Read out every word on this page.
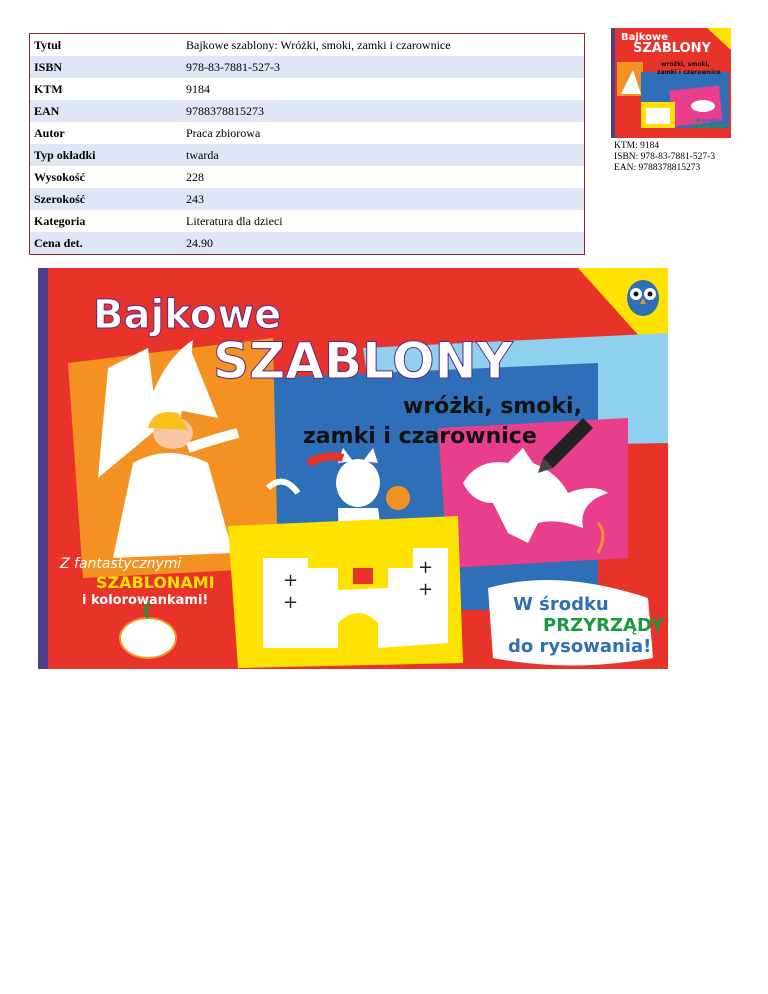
Tytuł	Bajkowe szablony: Wróżki, smoki, zamki i czarownice
ISBN	978-83-7881-527-3
KTM	9184
EAN	9788378815273
Autor	Praca zbiorowa
Typ okładki	twarda
Wysokość	228
Szerokość	243
Kategoria	Literatura dla dzieci
Cena det.	24.90
Bajkowe
SZABLONY
wróżki, smoki,
zamki i czarownice
W środku
PRZYRZĄDY
KTM: 9184
ISBN: 978-83-7881-527-3
EAN: 9788378815273
+
+
+
+
Bajkowe
SZABLONY
wróżki, smoki,
zamki i czarownice
Z fantastycznymi
SZABLONAMI
i kolorowankami!	W środku
PRZYRZĄDY
do rysowania!
